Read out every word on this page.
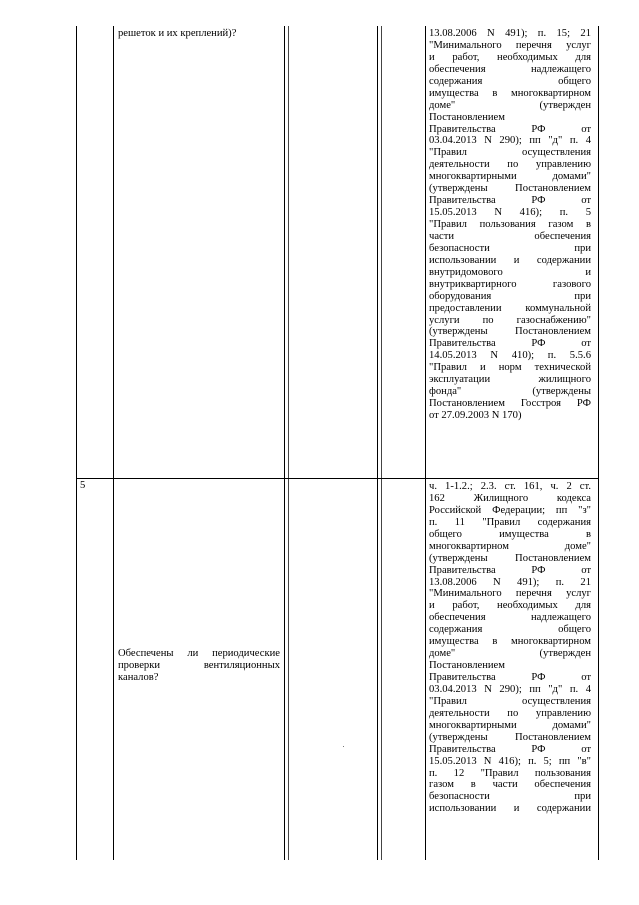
решеток и их креплений)?	13.08.2006 N 491); п. 15; 21
"Минимального перечня услуг
и работ, необходимых для
обеспечения надлежащего
содержания общего
имущества в многоквартирном
доме" (утвержден
Постановлением
Правительства РФ от
03.04.2013 N 290); пп "д" п. 4
"Правил осуществления
деятельности по управлению
многоквартирными домами"
(утверждены Постановлением
Правительства РФ от
15.05.2013 N 416); п. 5
"Правил пользования газом в
части обеспечения
безопасности при
использовании и содержании
внутридомового и
внутриквартирного газового
оборудования при
предоставлении коммунальной
услуги по газоснабжению"
(утверждены Постановлением
Правительства РФ от
14.05.2013 N 410); п. 5.5.6
"Правил и норм технической
эксплуатации жилищного
фонда" (утверждены
Постановлением Госстроя РФ
от 27.09.2003 N 170)
5
Обеспечены ли периодические
проверки вентиляционных
каналов?
ч. 1-1.2.; 2.3. ст. 161, ч. 2 ст.
162 Жилищного кодекса
Российской Федерации; пп "з"
п. 11 "Правил содержания
общего имущества в
многоквартирном доме"
(утверждены Постановлением
Правительства РФ от
13.08.2006 N 491); п. 21
"Минимального перечня услуг
и работ, необходимых для
обеспечения надлежащего
содержания общего
имущества в многоквартирном
доме" (утвержден
Постановлением
Правительства РФ от
03.04.2013 N 290); пп "д" п. 4
"Правил осуществления
деятельности по управлению
многоквартирными домами"
(утверждены Постановлением
Правительства РФ от
15.05.2013 N 416); п. 5; пп "в"
п. 12 "Правил пользования
газом в части обеспечения
безопасности при
использовании и содержании
